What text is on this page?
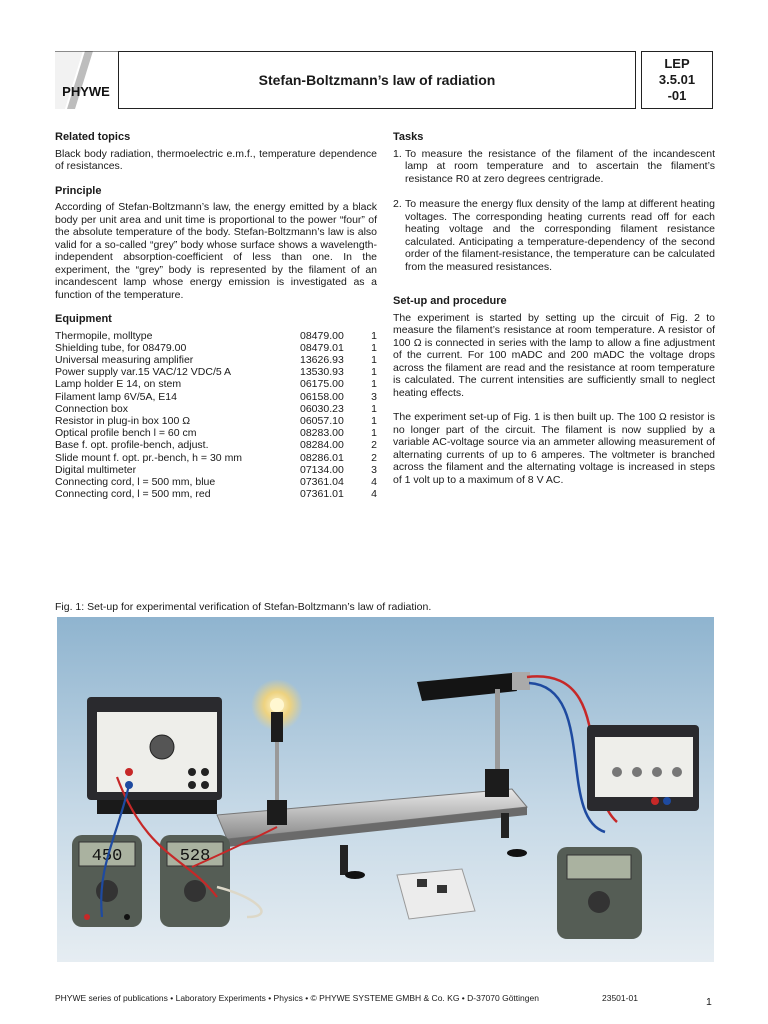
PHYWE
Stefan-Boltzmann’s law of radiation
LEP
3.5.01
-01
Related topics

Black body radiation, thermoelectric e.m.f., temperature dependence of resistances.

Principle

According of Stefan-Boltzmann’s law, the energy emitted by a black body per unit area and unit time is proportional to the power “four” of the absolute temperature of the body. Stefan-Boltzmann’s law is also valid for a so-called “grey” body whose surface shows a wavelength-independent absorption-coefficient of less than one. In the experiment, the “grey” body is represented by the filament of an incandescent lamp whose energy emission is investigated as a function of the temperature.

Equipment
Thermopile, molltype	08479.00	1
Shielding tube, for 08479.00	08479.01	1
Universal measuring amplifier	13626.93	1
Power supply var.15 VAC/12 VDC/5 A	13530.93	1
Lamp holder E 14, on stem	06175.00	1
Filament lamp 6V/5A, E14	06158.00	3
Connection box	06030.23	1
Resistor in plug-in box 100 Ω	06057.10	1
Optical profile bench l = 60 cm	08283.00	1
Base f. opt. profile-bench, adjust.	08284.00	2
Slide mount f. opt. pr.-bench, h = 30 mm	08286.01	2
Digital multimeter	07134.00	3
Connecting cord, l = 500 mm, blue	07361.04	4
Connecting cord, l = 500 mm, red	07361.01	4
Tasks
1. To measure the resistance of the filament of the incandescent lamp at room temperature and to ascertain the filament’s resistance R0 at zero degrees centrigrade.
2. To measure the energy flux density of the lamp at different heating voltages. The corresponding heating currents read off for each heating voltage and the corresponding filament resistance calculated. Anticipating a temperature-dependency of the second order of the filament-resistance, the temperature can be calculated from the measured resistances.
Set-up and procedure

The experiment is started by setting up the circuit of Fig. 2 to measure the filament’s resistance at room temperature. A resistor of 100 Ω is connected in series with the lamp to allow a fine adjustment of the current. For 100 mADC and 200 mADC the voltage drops across the filament are read and the resistance at room temperature is calculated. The current intensities are sufficiently small to neglect heating effects.

The experiment set-up of Fig. 1 is then built up. The 100 Ω resistor is no longer part of the circuit. The filament is now supplied by a variable AC-voltage source via an ammeter allowing measurement of alternating currents of up to 6 amperes. The voltmeter is branched across the filament and the alternating voltage is increased in steps of 1 volt up to a maximum of 8 V AC.

Fig. 1: Set-up for experimental verification of Stefan-Boltzmann’s law of radiation.
450	528
PHYWE series of publications • Laboratory Experiments • Physics • © PHYWE SYSTEME GMBH & Co. KG • D-37070 Göttingen	23501-01	1
